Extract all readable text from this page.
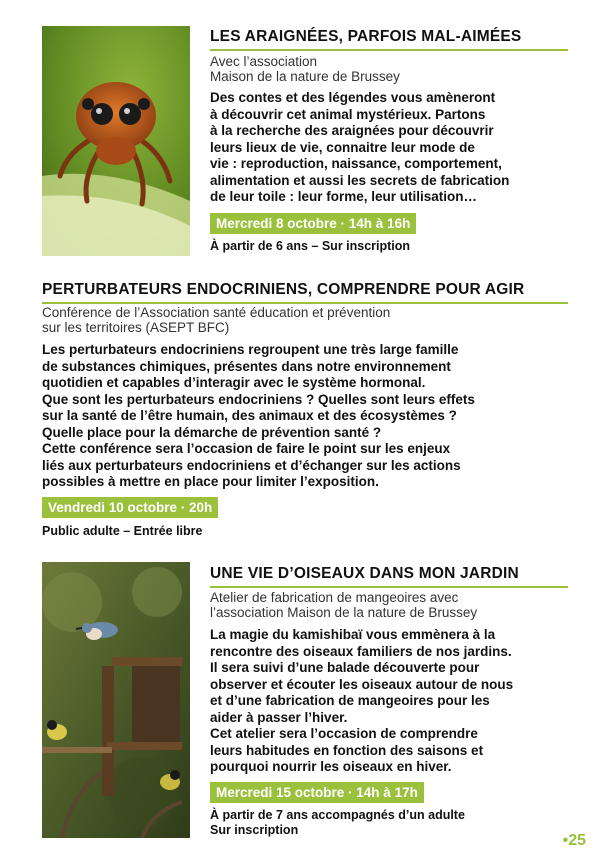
LES ARAIGNÉES, PARFOIS MAL-AIMÉES
Avec l’association
Maison de la nature de Brussey
Des contes et des légendes vous amèneront
à découvrir cet animal mystérieux. Partons
à la recherche des araignées pour découvrir
leurs lieux de vie, connaitre leur mode de
vie : reproduction, naissance, comportement,
alimentation et aussi les secrets de fabrication
de leur toile : leur forme, leur utilisation…
Mercredi 8 octobre · 14h à 16h
À partir de 6 ans – Sur inscription
PERTURBATEURS ENDOCRINIENS, COMPRENDRE POUR AGIR
Conférence de l’Association santé éducation et prévention
sur les territoires (ASEPT BFC)
Les perturbateurs endocriniens regroupent une très large famille
de substances chimiques, présentes dans notre environnement
quotidien et capables d’interagir avec le système hormonal.
Que sont les perturbateurs endocriniens ? Quelles sont leurs effets
sur la santé de l’être humain, des animaux et des écosystèmes ?
Quelle place pour la démarche de prévention santé ?
Cette conférence sera l’occasion de faire le point sur les enjeux
liés aux perturbateurs endocriniens et d’échanger sur les actions
possibles à mettre en place pour limiter l’exposition.
Vendredi 10 octobre · 20h
Public adulte – Entrée libre
UNE VIE D’OISEAUX DANS MON JARDIN
Atelier de fabrication de mangeoires avec
l’association Maison de la nature de Brussey
La magie du kamishibaï vous emmènera à la
rencontre des oiseaux familiers de nos jardins.
Il sera suivi d’une balade découverte pour
observer et écouter les oiseaux autour de nous
et d’une fabrication de mangeoires pour les
aider à passer l’hiver.
Cet atelier sera l’occasion de comprendre
leurs habitudes en fonction des saisons et
pourquoi nourrir les oiseaux en hiver.
Mercredi 15 octobre · 14h à 17h
À partir de 7 ans accompagnés d’un adulte
Sur inscription
•25
